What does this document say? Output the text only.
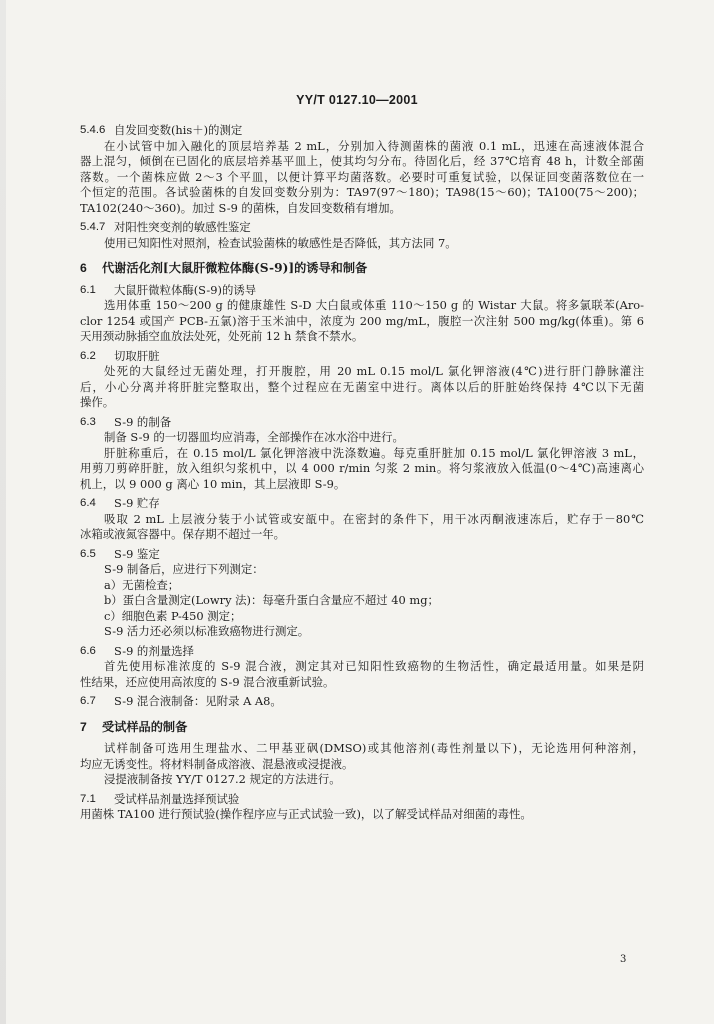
YY/T 0127.10—2001
5.4.6 自发回变数(his＋)的测定
在小试管中加入融化的顶层培养基 2 mL，分别加入待测菌株的菌液 0.1 mL，迅速在高速液体混合
器上混匀，倾倒在已固化的底层培养基平皿上，使其均匀分布。待固化后，经 37℃培育 48 h，计数全部菌
落数。一个菌株应做 2～3 个平皿，以便计算平均菌落数。必要时可重复试验，以保证回变菌落数位在一
个恒定的范围。各试验菌株的自发回变数分别为：TA97(97～180)；TA98(15～60)；TA100(75～200)；
TA102(240～360)。加过 S-9 的菌株，自发回变数稍有增加。
5.4.7 对阳性突变剂的敏感性鉴定
使用已知阳性对照剂，检查试验菌株的敏感性是否降低，其方法同 7。
6	代谢活化剂[大鼠肝微粒体酶(S-9)]的诱导和制备
6.1	大鼠肝微粒体酶(S-9)的诱导
选用体重 150～200 g 的健康雄性 S-D 大白鼠或体重 110～150 g 的 Wistar 大鼠。将多氯联苯(Aro-
clor 1254 或国产 PCB-五氯)溶于玉米油中，浓度为 200 mg/mL，腹腔一次注射 500 mg/kg(体重)。第 6
天用颈动脉插空血放法处死，处死前 12 h 禁食不禁水。
6.2	切取肝脏
处死的大鼠经过无菌处理，打开腹腔，用 20 mL 0.15 mol/L 氯化钾溶液(4℃)进行肝门静脉灌注
后，小心分离并将肝脏完整取出，整个过程应在无菌室中进行。离体以后的肝脏始终保持 4℃以下无菌
操作。
6.3	S-9 的制备
制备 S-9 的一切器皿均应消毒，全部操作在冰水浴中进行。
肝脏称重后，在 0.15 mol/L 氯化钾溶液中洗涤数遍。每克重肝脏加 0.15 mol/L 氯化钾溶液 3 mL，
用剪刀剪碎肝脏，放入组织匀浆机中，以 4 000 r/min 匀浆 2 min。将匀浆液放入低温(0～4℃)高速离心
机上，以 9 000 g 离心 10 min，其上层液即 S-9。
6.4	S-9 贮存
吸取 2 mL 上层液分装于小试管或安瓿中。在密封的条件下，用干冰丙酮液速冻后，贮存于－80℃
冰箱或液氮容器中。保存期不超过一年。
6.5	S-9 鉴定
S-9 制备后，应进行下列测定：
a）无菌检查；
b）蛋白含量测定(Lowry 法)：每毫升蛋白含量应不超过 40 mg；
c）细胞色素 P-450 测定；
S-9 活力还必须以标准致癌物进行测定。
6.6	S-9 的剂量选择
首先使用标准浓度的 S-9 混合液，测定其对已知阳性致癌物的生物活性，确定最适用量。如果是阴
性结果，还应使用高浓度的 S-9 混合液重新试验。
6.7	S-9 混合液制备：见附录 A A8。
7	受试样品的制备
试样制备可选用生理盐水、二甲基亚砜(DMSO)或其他溶剂(毒性剂量以下)，无论选用何种溶剂，
均应无诱变性。将材料制备成溶液、混悬液或浸提液。
浸提液制备按 YY/T 0127.2 规定的方法进行。
7.1	受试样品剂量选择预试验
用菌株 TA100 进行预试验(操作程序应与正式试验一致)，以了解受试样品对细菌的毒性。
3
